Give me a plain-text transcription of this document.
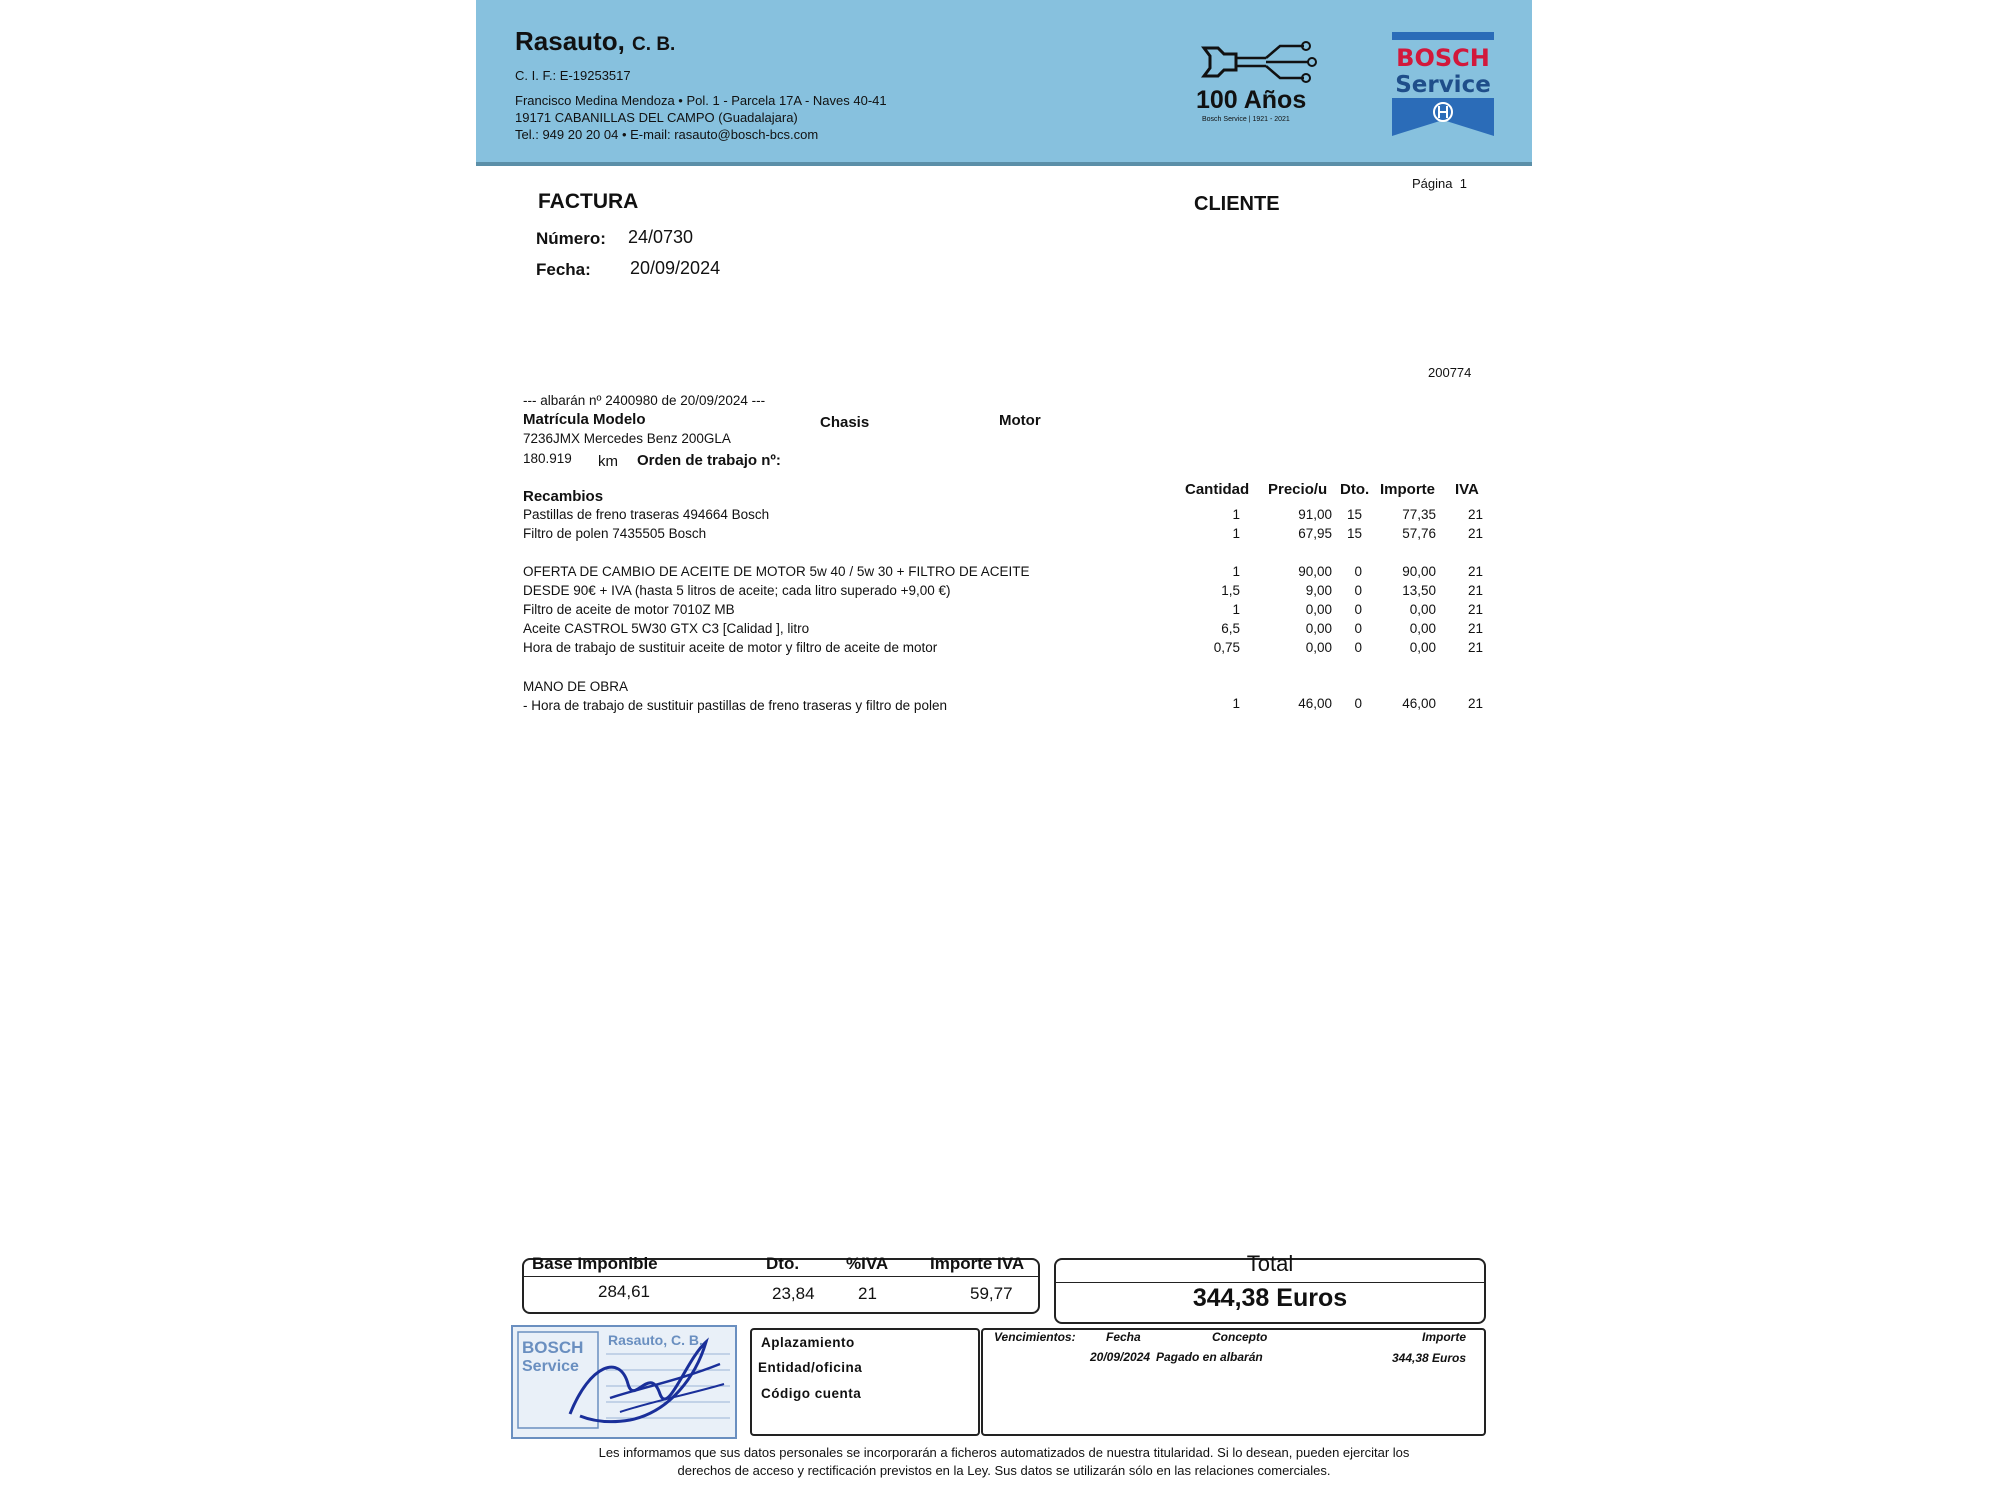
Rasauto, C. B.
C. I. F.: E-19253517
Francisco Medina Mendoza • Pol. 1 - Parcela 17A - Naves 40-41
19171 CABANILLAS DEL CAMPO (Guadalajara)
Tel.: 949 20 20 04 • E-mail: rasauto@bosch-bcs.com
100 Años
Bosch Service | 1921 - 2021
BOSCH
Service
FACTURA
Número: 24/0730
Fecha: 20/09/2024
CLIENTE
Página 1
200774
--- albarán nº 2400980 de 20/09/2024 ---
Matrícula Modelo	Chasis	Motor
7236JMX Mercedes Benz 200GLA
180.919 km Orden de trabajo nº:
Recambios	Cantidad Precio/u Dto. Importe IVA
Pastillas de freno traseras 494664 Bosch	1	91,00	15	77,35	21
Filtro de polen 7435505 Bosch	1	67,95	15	57,76	21
OFERTA DE CAMBIO DE ACEITE DE MOTOR 5w 40 / 5w 30 + FILTRO DE ACEITE	1	90,00	0	90,00	21
DESDE 90€ + IVA (hasta 5 litros de aceite; cada litro superado +9,00 €)	1,5	9,00	0	13,50	21
Filtro de aceite de motor 7010Z MB	1	0,00	0	0,00	21
Aceite CASTROL 5W30 GTX C3 [Calidad ], litro	6,5	0,00	0	0,00	21
Hora de trabajo de sustituir aceite de motor y filtro de aceite de motor	0,75	0,00	0	0,00	21
MANO DE OBRA
- Hora de trabajo de sustituir pastillas de freno traseras y filtro de polen	1	46,00	0	46,00	21
Base Imponible	Dto.	%IVA Importe IVA
284,61	23,84	21	59,77
Total
344,38 Euros
BOSCH
Service
Rasauto, C. B.	Aplazamiento
Entidad/oficina
Código cuenta
Vencimientos:	Fecha	Concepto	Importe
20/09/2024 Pagado en albarán	344,38 Euros
Les informamos que sus datos personales se incorporarán a ficheros automatizados de nuestra titularidad. Si lo desean, pueden ejercitar los
derechos de acceso y rectificación previstos en la Ley. Sus datos se utilizarán sólo en las relaciones comerciales.
